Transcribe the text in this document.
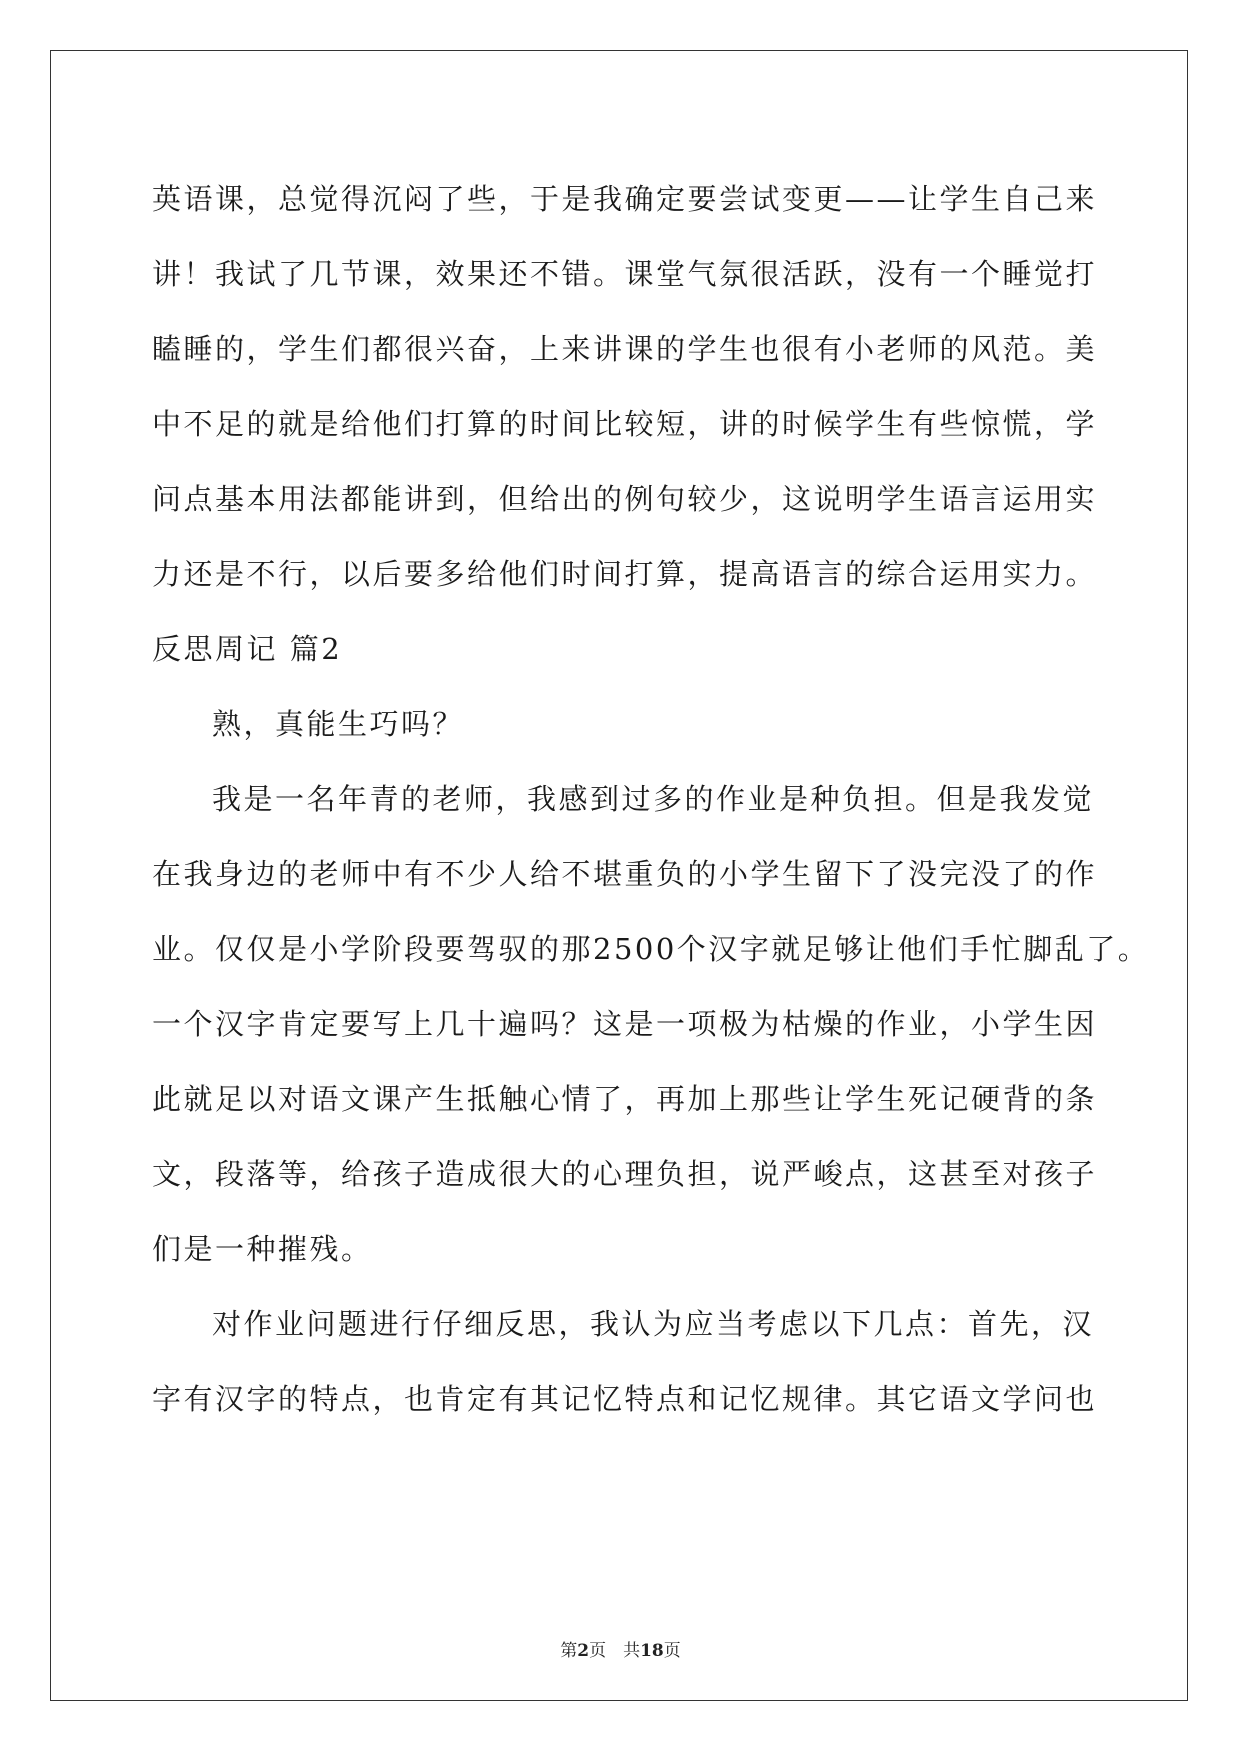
英语课，总觉得沉闷了些，于是我确定要尝试变更——让学生自己来
讲！我试了几节课，效果还不错。课堂气氛很活跃，没有一个睡觉打
瞌睡的，学生们都很兴奋，上来讲课的学生也很有小老师的风范。美
中不足的就是给他们打算的时间比较短，讲的时候学生有些惊慌，学
问点基本用法都能讲到，但给出的例句较少，这说明学生语言运用实
力还是不行，以后要多给他们时间打算，提高语言的综合运用实力。
反思周记 篇2
熟，真能生巧吗？
我是一名年青的老师，我感到过多的作业是种负担。但是我发觉
在我身边的老师中有不少人给不堪重负的小学生留下了没完没了的作
业。仅仅是小学阶段要驾驭的那2500个汉字就足够让他们手忙脚乱了。
一个汉字肯定要写上几十遍吗？这是一项极为枯燥的作业，小学生因
此就足以对语文课产生抵触心情了，再加上那些让学生死记硬背的条
文，段落等，给孩子造成很大的心理负担，说严峻点，这甚至对孩子
们是一种摧残。
对作业问题进行仔细反思，我认为应当考虑以下几点：首先，汉
字有汉字的特点，也肯定有其记忆特点和记忆规律。其它语文学问也
第2页　共18页
